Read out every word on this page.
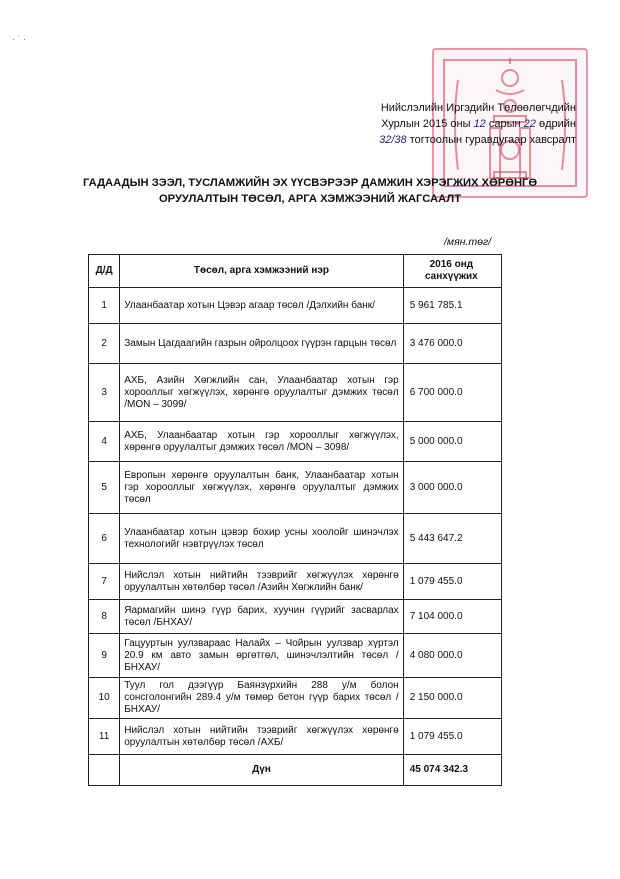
· ˙ ·
Нийслэлийн Иргэдийн Төлөөлөгчдийн
Хурлын 2015 оны 12 сарын 22 өдрийн
32/38 тогтоолын гуравдугаар хавсралт
ГАДААДЫН ЗЭЭЛ, ТУСЛАМЖИЙН ЭХ ҮҮСВЭРЭЭР ДАМЖИН ХЭРЭГЖИХ ХӨРӨНГӨ
ОРУУЛАЛТЫН ТӨСӨЛ, АРГА ХЭМЖЭЭНИЙ ЖАГСААЛТ
/мян.төг/
Д/Д	Төсөл, арга хэмжээний нэр	2016 онд
санхүүжих

1	Улаанбаатар хотын Цэвэр агаар төсөл /Дэлхийн банк/	5 961 785.1
2	Замын Цагдаагийн газрын ойролцоох гүүрэн гарцын төсөл	3 476 000.0
3	АХБ, Азийн Хөгжлийн сан, Улаанбаатар хотын гэр хорооллыг хөгжүүлэх, хөрөнгө оруулалтыг дэмжих төсөл /MON – 3099/	6 700 000.0
4	АХБ, Улаанбаатар хотын гэр хорооллыг хөгжүүлэх, хөрөнгө оруулалтыг дэмжих төсөл /MON – 3098/	5 000 000.0
5	Европын хөрөнгө оруулалтын банк, Улаанбаатар хотын гэр хорооллыг хөгжүүлэх, хөрөнгө оруулалтыг дэмжих төсөл	3 000 000.0
6	Улаанбаатар хотын цэвэр бохир усны хоолойг шинэчлэх технологийг нэвтрүүлэх төсөл	5 443 647.2
7	Нийслэл хотын нийтийн тээврийг хөгжүүлэх хөрөнгө оруулалтын хөтөлбөр төсөл /Азийн Хөгжлийн банк/	1 079 455.0
8	Яармагийн шинэ гүүр барих, хуучин гүүрийг засварлах төсөл /БНХАУ/	7 104 000.0
9	Гацууртын уулзвараас Налайх – Чойрын уулзвар хүртэл 20.9 км авто замын өргөтгөл, шинэчлэлтийн төсөл /БНХАУ/	4 080 000.0
10	Туул гол дээгүүр Баянзүрхийн 288 у/м болон сонсголонгийн 289.4 у/м төмөр бетон гүүр барих төсөл /БНХАУ/	2 150 000.0
11	Нийслэл хотын нийтийн тээврийг хөгжүүлэх хөрөнгө оруулалтын хөтөлбөр төсөл /АХБ/	1 079 455.0
	Дүн	45 074 342.3
